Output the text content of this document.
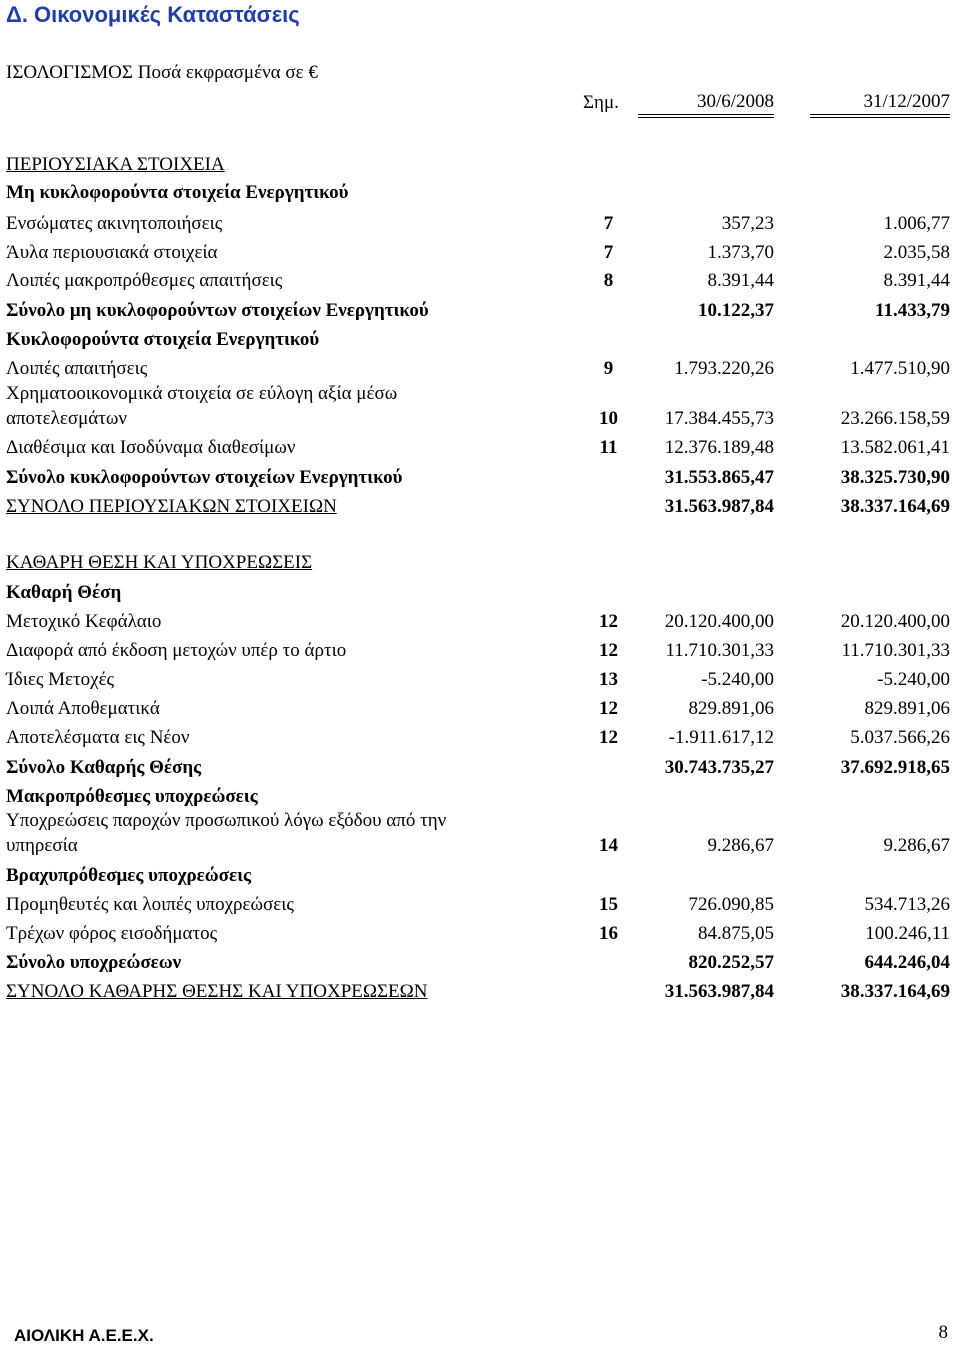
Δ. Οικονομικές Καταστάσεις
ΙΣΟΛΟΓΙΣΜΟΣ Ποσά εκφρασμένα σε €
Σημ.	30/6/2008	31/12/2007
ΠΕΡΙΟΥΣΙΑΚΑ ΣΤΟΙΧΕΙΑ
Μη κυκλοφορούντα στοιχεία Ενεργητικού
Ενσώματες ακινητοποιήσεις	7	357,23	1.006,77
Άυλα περιουσιακά στοιχεία	7	1.373,70	2.035,58
Λοιπές μακροπρόθεσμες απαιτήσεις	8	8.391,44	8.391,44
Σύνολο μη κυκλοφορούντων στοιχείων Ενεργητικού	10.122,37	11.433,79
Κυκλοφορούντα στοιχεία Ενεργητικού
Λοιπές απαιτήσεις	9	1.793.220,26	1.477.510,90
Χρηματοοικονομικά στοιχεία σε εύλογη αξία μέσω
αποτελεσμάτων	10	17.384.455,73	23.266.158,59
Διαθέσιμα και Ισοδύναμα διαθεσίμων	11	12.376.189,48	13.582.061,41
Σύνολο κυκλοφορούντων στοιχείων Ενεργητικού	31.553.865,47	38.325.730,90
ΣΥΝΟΛΟ ΠΕΡΙΟΥΣΙΑΚΩΝ ΣΤΟΙΧΕΙΩΝ	31.563.987,84	38.337.164,69
ΚΑΘΑΡΗ ΘΕΣΗ ΚΑΙ ΥΠΟΧΡΕΩΣΕΙΣ
Καθαρή Θέση
Μετοχικό Κεφάλαιο	12	20.120.400,00	20.120.400,00
Διαφορά από έκδοση μετοχών υπέρ το άρτιο	12	11.710.301,33	11.710.301,33
Ίδιες Μετοχές	13	-5.240,00	-5.240,00
Λοιπά Αποθεματικά	12	829.891,06	829.891,06
Αποτελέσματα εις Νέον	12	-1.911.617,12	5.037.566,26
Σύνολο Καθαρής Θέσης	30.743.735,27	37.692.918,65
Μακροπρόθεσμες υποχρεώσεις
Υποχρεώσεις παροχών προσωπικού λόγω εξόδου από την
υπηρεσία	14	9.286,67	9.286,67
Βραχυπρόθεσμες υποχρεώσεις
Προμηθευτές και λοιπές υποχρεώσεις	15	726.090,85	534.713,26
Τρέχων φόρος εισοδήματος	16	84.875,05	100.246,11
Σύνολο υποχρεώσεων	820.252,57	644.246,04
ΣΥΝΟΛΟ ΚΑΘΑΡΗΣ ΘΕΣΗΣ ΚΑΙ ΥΠΟΧΡΕΩΣΕΩΝ	31.563.987,84	38.337.164,69
ΑΙΟΛΙΚΗ Α.Ε.Ε.Χ.	8
